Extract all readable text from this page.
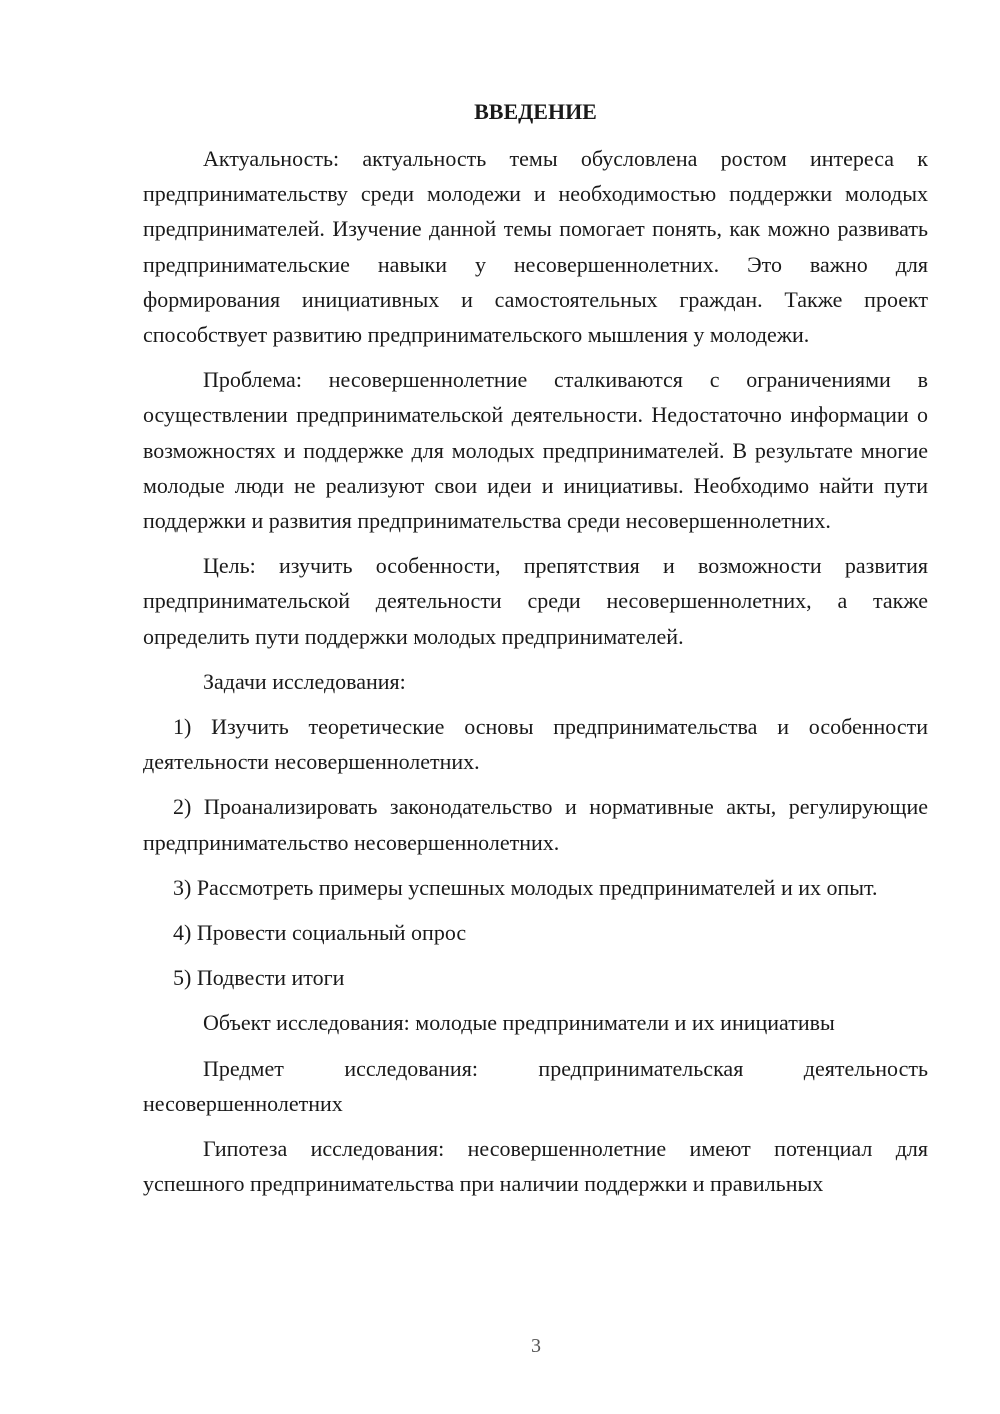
ВВЕДЕНИЕ

Актуальность: актуальность темы обусловлена ростом интереса к предпринимательству среди молодежи и необходимостью поддержки молодых предпринимателей. Изучение данной темы помогает понять, как можно развивать предпринимательские навыки у несовершеннолетних. Это важно для формирования инициативных и самостоятельных граждан. Также проект способствует развитию предпринимательского мышления у молодежи.

Проблема: несовершеннолетние сталкиваются с ограничениями в осуществлении предпринимательской деятельности. Недостаточно информации о возможностях и поддержке для молодых предпринимателей. В результате многие молодые люди не реализуют свои идеи и инициативы. Необходимо найти пути поддержки и развития предпринимательства среди несовершеннолетних.

Цель: изучить особенности, препятствия и возможности развития предпринимательской деятельности среди несовершеннолетних, а также определить пути поддержки молодых предпринимателей.

Задачи исследования:

1) Изучить теоретические основы предпринимательства и особенности деятельности несовершеннолетних.

2) Проанализировать законодательство и нормативные акты, регулирующие предпринимательство несовершеннолетних.

3) Рассмотреть примеры успешных молодых предпринимателей и их опыт.

4) Провести социальный опрос

5) Подвести итоги

Объект исследования: молодые предприниматели и их инициативы

Предмет исследования: предпринимательская деятельность несовершеннолетних

Гипотеза исследования: несовершеннолетние имеют потенциал для успешного предпринимательства при наличии поддержки и правильных

3
